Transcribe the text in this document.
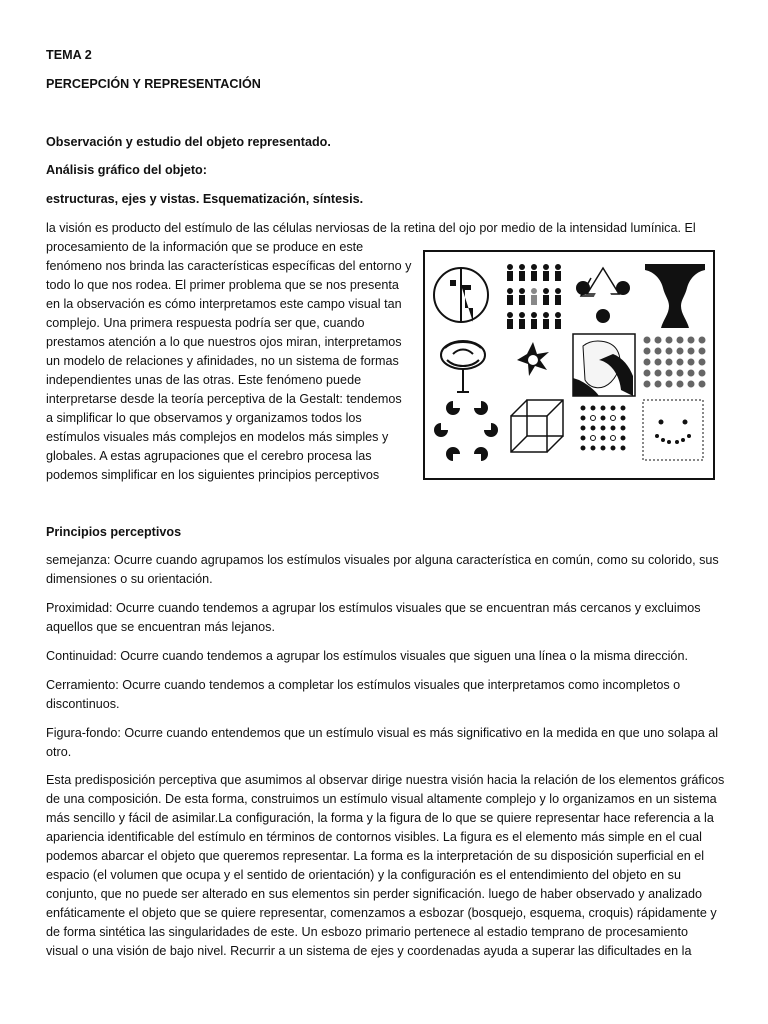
TEMA 2
PERCEPCIÓN Y REPRESENTACIÓN
Observación y estudio del objeto representado.
Análisis gráfico del objeto:
estructuras, ejes y vistas. Esquematización, síntesis.
la visión es producto del estímulo de las células nerviosas de la retina del ojo por medio de la intensidad lumínica. El
procesamiento de la información que se produce en este
fenómeno nos brinda las características específicas del entorno y
todo lo que nos rodea. El primer problema que se nos presenta
en la observación es cómo interpretamos este campo visual tan
complejo. Una primera respuesta podría ser que, cuando
prestamos atención a lo que nuestros ojos miran, interpretamos
un modelo de relaciones y afinidades, no un sistema de formas
independientes unas de las otras. Este fenómeno puede
interpretarse desde la teoría perceptiva de la Gestalt: tendemos
a simplificar lo que observamos y organizamos todos los
estímulos visuales más complejos en modelos más simples y
globales. A estas agrupaciones que el cerebro procesa las
podemos simplificar en los siguientes principios perceptivos
Principios perceptivos
semejanza: Ocurre cuando agrupamos los estímulos visuales por alguna característica en común, como su colorido, sus
dimensiones o su orientación.
Proximidad: Ocurre cuando tendemos a agrupar los estímulos visuales que se encuentran más cercanos y excluimos
aquellos que se encuentran más lejanos.
Continuidad: Ocurre cuando tendemos a agrupar los estímulos visuales que siguen una línea o la misma dirección.
Cerramiento: Ocurre cuando tendemos a completar los estímulos visuales que interpretamos como incompletos o
discontinuos.
Figura-fondo: Ocurre cuando entendemos que un estímulo visual es más significativo en la medida en que uno solapa al
otro.
Esta predisposición perceptiva que asumimos al observar dirige nuestra visión hacia la relación de los elementos gráficos
de una composición. De esta forma, construimos un estímulo visual altamente complejo y lo organizamos en un sistema
más sencillo y fácil de asimilar.La configuración, la forma y la figura de lo que se quiere representar hace referencia a la
apariencia identificable del estímulo en términos de contornos visibles. La figura es el elemento más simple en el cual
podemos abarcar el objeto que queremos representar. La forma es la interpretación de su disposición superficial en el
espacio (el volumen que ocupa y el sentido de orientación) y la configuración es el entendimiento del objeto en su
conjunto, que no puede ser alterado en sus elementos sin perder significación. luego de haber observado y analizado
enfáticamente el objeto que se quiere representar, comenzamos a esbozar (bosquejo, esquema, croquis) rápidamente y
de forma sintética las singularidades de este. Un esbozo primario pertenece al estadio temprano de procesamiento
visual o una visión de bajo nivel. Recurrir a un sistema de ejes y coordenadas ayuda a superar las dificultades en la
